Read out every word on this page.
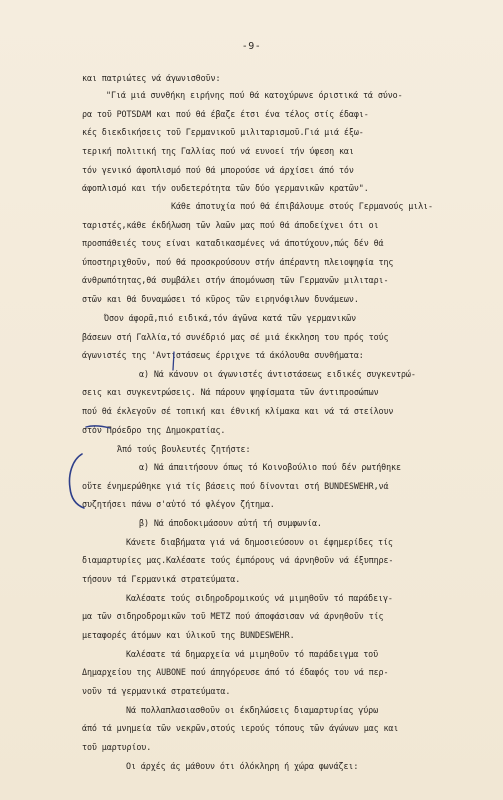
-9-
και πατριώτες νά άγωνισθοῦν:
"Γιά μιά συνθήκη ειρήνης πού θά κατοχύρωνε όριστικά τά σύνο-
ρα τοῦ POTSDAM και πού θά έβαζε έτσι ένα τέλος στίς έδαφι-
κές διεκδικήσεις τοῦ Γερμανικοῦ μιλιταρισμοῦ.Γιά μιά έξω-
τερική πολιτική της Γαλλίας πού νά ευνοεί τήν ύφεση και
τόν γενικό άφοπλισμό πού θά μπορούσε νά άρχίσει άπό τόν
άφοπλισμό και τήν ουδετερότητα τῶν δύο γερμανικῶν κρατῶν".
Κάθε άποτυχία πού θά έπιβάλουμε στούς Γερμανούς μιλι-
ταριστές,κάθε έκδήλωση τῶν λαῶν μας πού θά άποδείχνει ότι οι
προσπάθειές τους είναι καταδικασμένες νά άποτύχουν,πώς δέν θά
ύποστηριχθοῦν, πού θά προσκρούσουν στήν άπέραντη πλειοψηφία της
άνθρωπότητας,θά συμβάλει στήν άπομόνωση τῶν Γερμανῶν μιλιταρι-
στῶν και θά δυναμώσει τό κῦρος τῶν ειρηνόφιλων δυνάμεων.
Όσον άφορᾶ,πιό ειδικά,τόν άγῶνα κατά τῶν γερμανικῶν
βάσεων στή Γαλλία,τό συνέδριό μας σέ μιά έκκληση του πρός τούς
άγωνιστές της 'Αντιστάσεως έρριχνε τά άκόλουθα συνθήματα:
α) Νά κάνουν οι άγωνιστές άντιστάσεως ειδικές συγκεντρώ-
σεις και συγκεντρώσεις. Νά πάρουν ψηφίσματα τῶν άντιπροσώπων
πού θά έκλεγοῦν σέ τοπική και έθνική κλίμακα και νά τά στείλουν
στόν Πρόεδρο της Δημοκρατίας.
Άπό τούς βουλευτές ζητήστε:
α) Νά άπαιτήσουν όπως τό Κοινοβούλιο πού δέν ρωτήθηκε
οὔτε ένημερώθηκε γιά τίς βάσεις πού δίνονται στή BUNDESWEHR,νά
συζητήσει πάνω σ'αὐτό τό φλέγον ζήτημα.
β) Νά άποδοκιμάσουν αὐτή τή συμφωνία.
Κάνετε διαβήματα γιά νά δημοσιεύσουν οι έφημερίδες τίς
διαμαρτυρίες μας.Καλέσατε τούς έμπόρους νά άρνηθοῦν νά έξυπηρε-
τήσουν τά Γερμανικά στρατεύματα.
Καλέσατε τούς σιδηροδρομικούς νά μιμηθοῦν τό παράδειγ-
μα τῶν σιδηροδρομικῶν τοῦ METZ πού άποφάσισαν νά άρνηθοῦν τίς
μεταφορές άτόμων και ύλικοῦ της BUNDESWEHR.
Καλέσατε τά δημαρχεία νά μιμηθοῦν τό παράδειγμα τοῦ
Δημαρχείου της AUBONE πού άπηγόρευσε άπό τό έδαφός του νά περ-
νοῦν τά γερμανικά στρατεύματα.
Νά πολλαπλασιασθοῦν οι έκδηλώσεις διαμαρτυρίας γύρω
άπό τά μνημεία τῶν νεκρῶν,στούς ιερούς τόπους τῶν άγώνων μας και
τοῦ μαρτυρίου.
Οι άρχές άς μάθουν ότι όλόκληρη ή χώρα φωνάζει:
